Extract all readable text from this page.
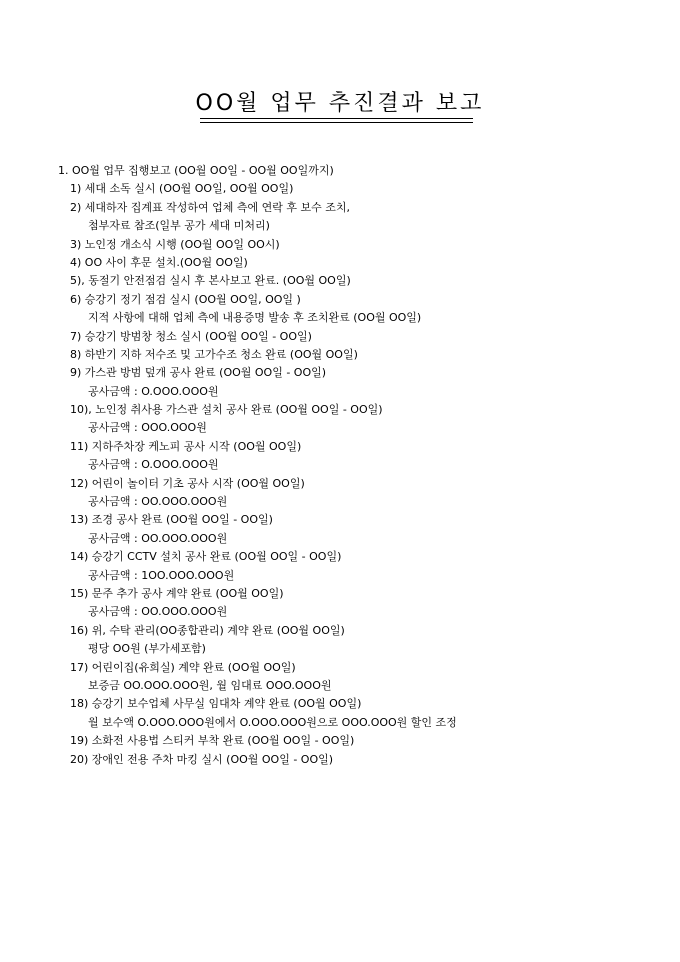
OO월 업무 추진결과 보고
1. OO월 업무 집행보고 (OO월 OO일 - OO월 OO일까지)
1) 세대 소독 실시 (OO월 OO일, OO월 OO일)
2) 세대하자 집계표 작성하여 업체 측에 연락 후 보수 조치,
첨부자료 참조(일부 공가 세대 미처리)
3) 노인정 개소식 시행 (OO월 OO일 OO시)
4) OO 사이 후문 설치.(OO월 OO일)
5), 동절기 안전점검 실시 후 본사보고 완료. (OO월 OO일)
6) 승강기 정기 점검 실시 (OO월 OO일, OO일 )
지적 사항에 대해 업체 측에 내용증명 발송 후 조치완료 (OO월 OO일)
7) 승강기 방범창 청소 실시 (OO월 OO일 - OO일)
8) 하반기 지하 저수조 및 고가수조 청소 완료 (OO월 OO일)
9) 가스관 방범 덮개 공사 완료 (OO월 OO일 - OO일)
공사금액 : O.OOO.OOO원
10), 노인정 취사용 가스관 설치 공사 완료 (OO월 OO일 - OO일)
공사금액 : OOO.OOO원
11) 지하주차장 케노피 공사 시작 (OO월 OO일)
공사금액 : O.OOO.OOO원
12) 어린이 놀이터 기초 공사 시작 (OO월 OO일)
공사금액 : OO.OOO.OOO원
13) 조경 공사 완료 (OO월 OO일 - OO일)
공사금액 : OO.OOO.OOO원
14) 승강기 CCTV 설치 공사 완료 (OO월 OO일 - OO일)
공사금액 : 1OO.OOO.OOO원
15) 문주 추가 공사 계약 완료 (OO월 OO일)
공사금액 : OO.OOO.OOO원
16) 위, 수탁 관리(OO종합관리) 계약 완료 (OO월 OO일)
평당 OO원 (부가세포함)
17) 어린이집(유희실) 계약 완료 (OO월 OO일)
보증금 OO.OOO.OOO원, 월 임대료 OOO.OOO원
18) 승강기 보수업체 사무실 임대차 계약 완료 (OO월 OO일)
월 보수액 O.OOO.OOO원에서 O.OOO.OOO원으로 OOO.OOO원 할인 조정
19) 소화전 사용법 스티커 부착 완료 (OO월 OO일 - OO일)
20) 장애인 전용 주차 마킹 실시 (OO월 OO일 - OO일)
